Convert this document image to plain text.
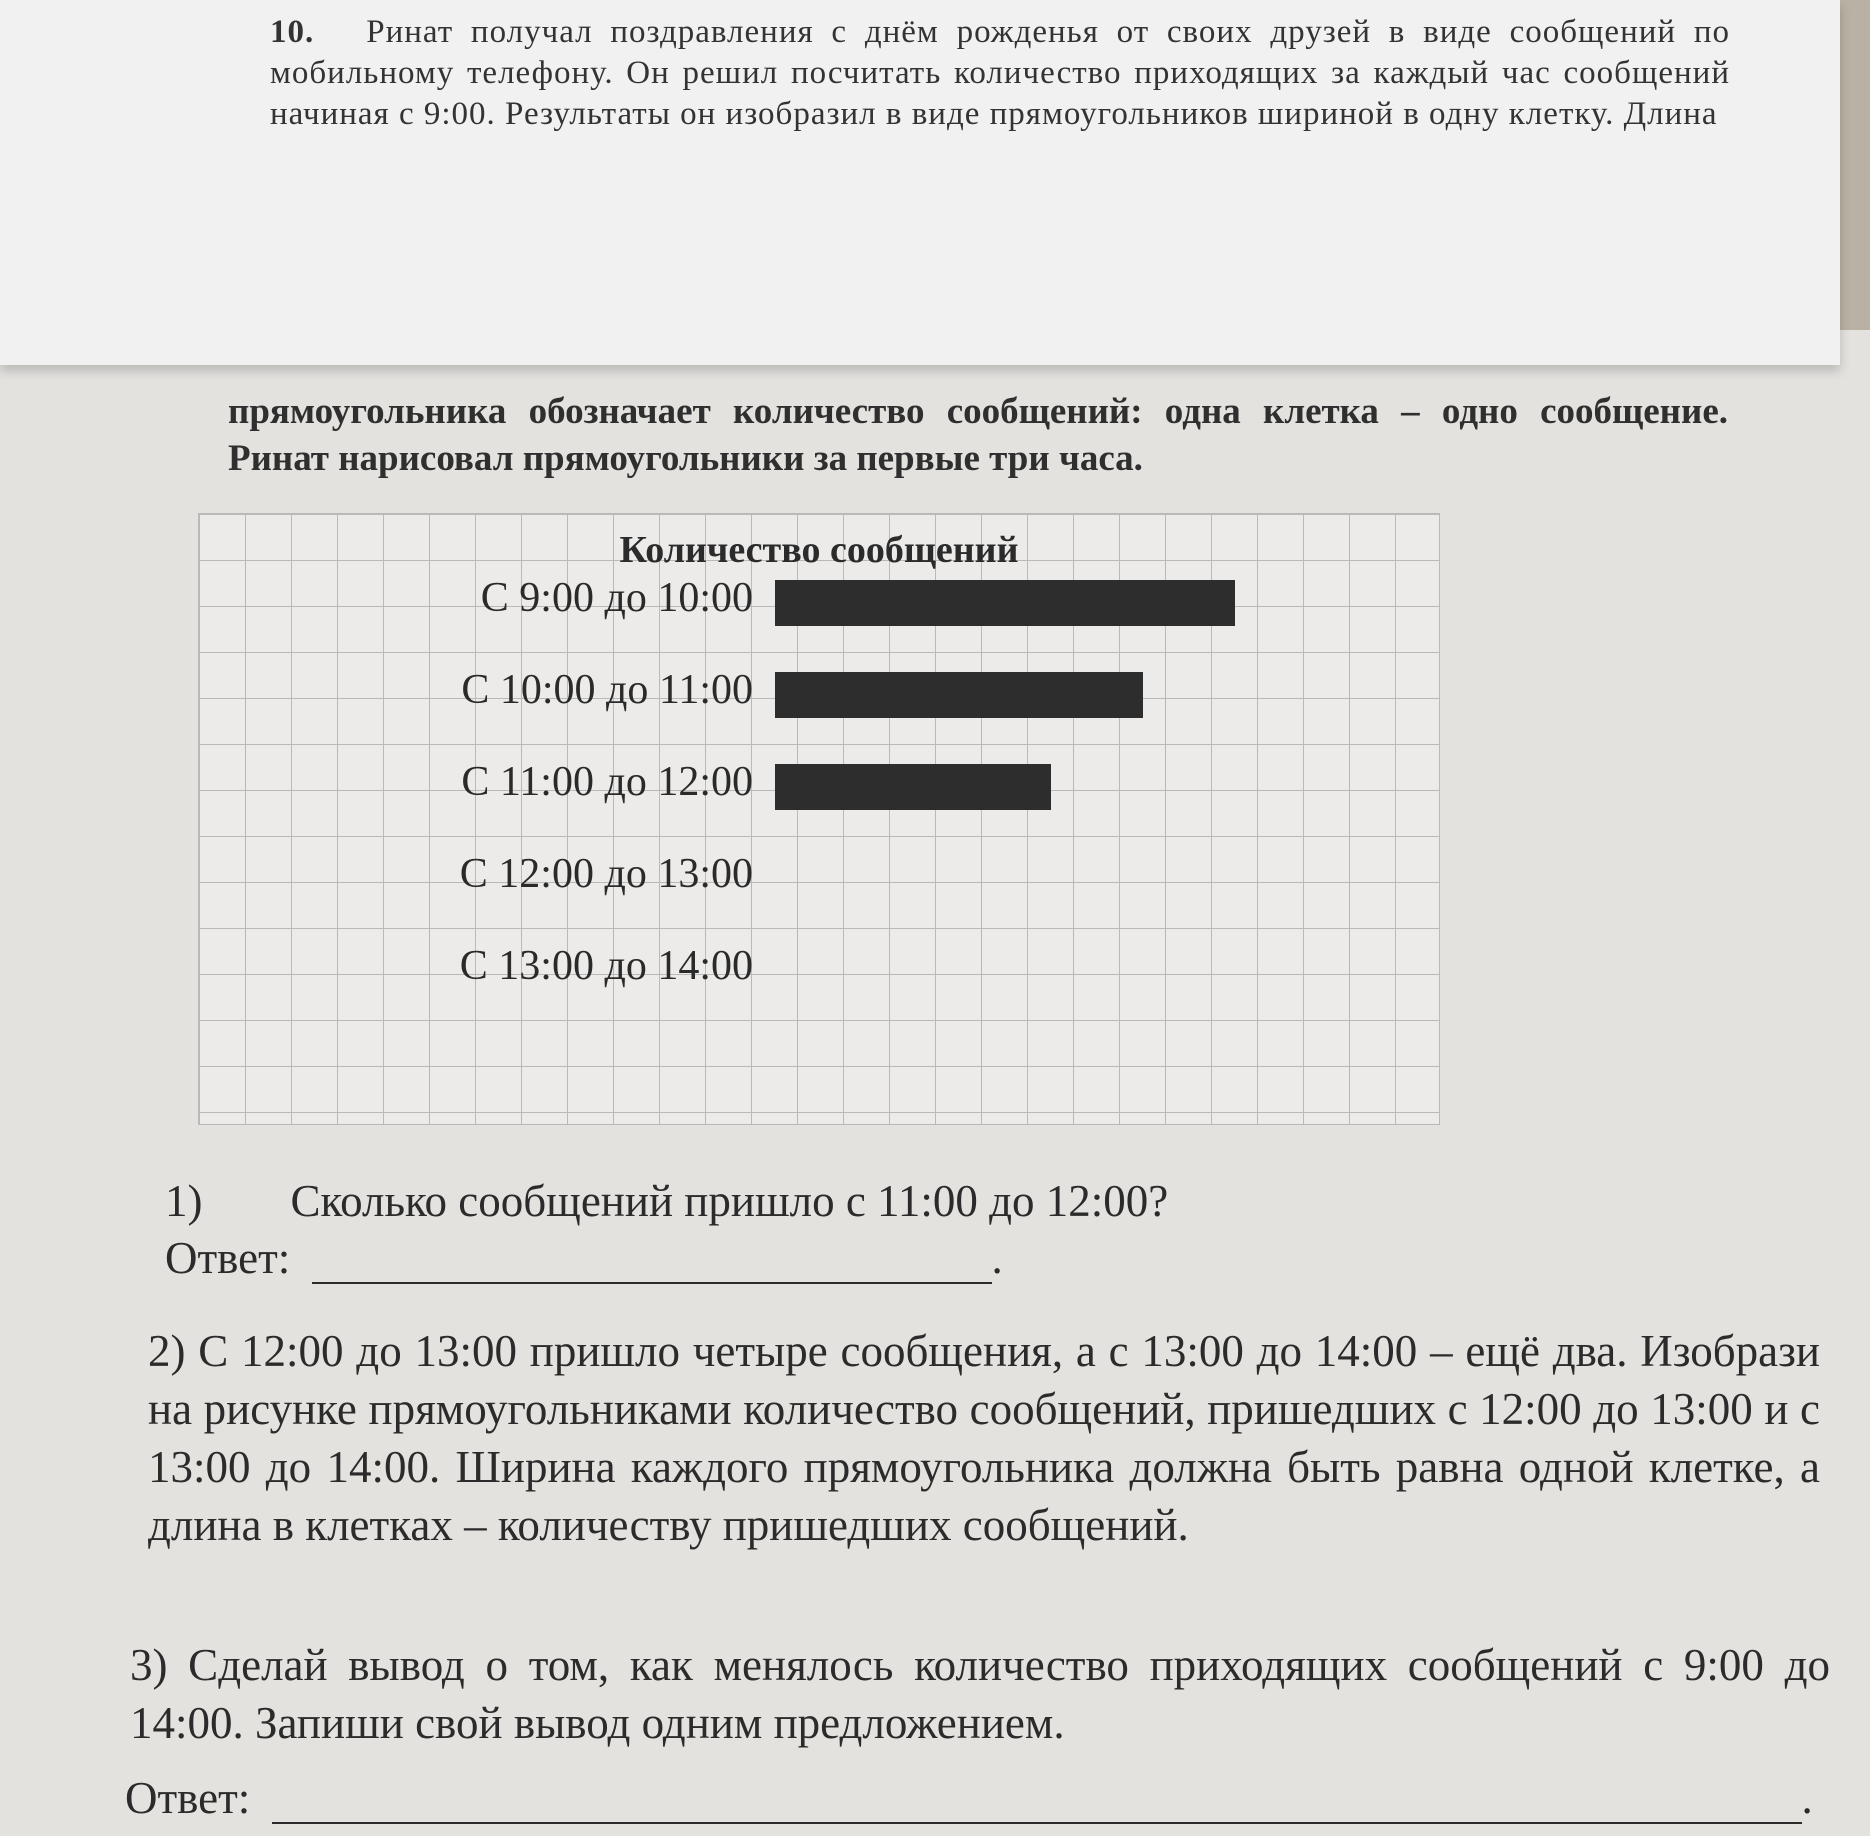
10. Ринат получал поздравления с днём рожденья от своих друзей в виде сообщений по мобильному телефону. Он решил посчитать количество приходящих за каждый час сообщений начиная с 9:00. Результаты он изобразил в виде прямоугольников шириной в одну клетку. Длина
прямоугольника обозначает количество сообщений: одна клетка – одно сообщение. Ринат нарисовал прямоугольники за первые три часа.
Количество сообщений
С 9:00 до 10:00
С 10:00 до 11:00
С 11:00 до 12:00
С 12:00 до 13:00
С 13:00 до 14:00
1) Сколько сообщений пришло с 11:00 до 12:00?
Ответ:	.
2) С 12:00 до 13:00 пришло четыре сообщения, а с 13:00 до 14:00 – ещё два. Изобрази на рисунке прямоугольниками количество сообщений, пришедших с 12:00 до 13:00 и с 13:00 до 14:00. Ширина каждого прямоугольника должна быть равна одной клетке, а длина в клетках – количеству пришедших сообщений.
3) Сделай вывод о том, как менялось количество приходящих сообщений с 9:00 до 14:00. Запиши свой вывод одним предложением.
Ответ:	.
